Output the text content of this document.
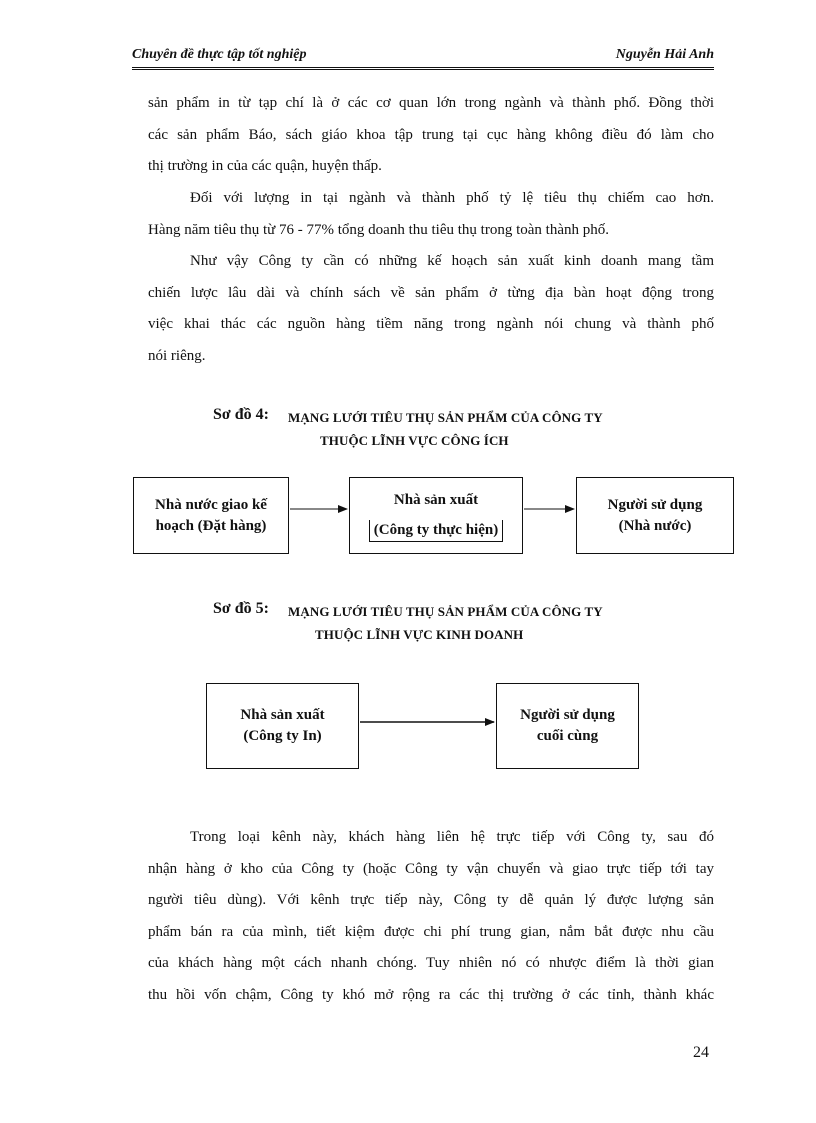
Chuyên đề thực tập tốt nghiệp	Nguyễn Hải Anh
sản phẩm in từ tạp chí là ở các cơ quan lớn trong ngành và thành phố. Đồng thời
các sản phẩm Báo, sách giáo khoa tập trung tại cục hàng không điều đó làm cho
thị trường in của các quận, huyện thấp.
Đối với lượng in tại ngành và thành phố tỷ lệ tiêu thụ chiếm cao hơn.
Hàng năm tiêu thụ từ 76 - 77% tổng doanh thu tiêu thụ trong toàn thành phố.
Như vậy Công ty cần có những kế hoạch sản xuất kinh doanh mang tầm
chiến lược lâu dài và chính sách về sản phẩm ở từng địa bàn hoạt động trong
việc khai thác các nguồn hàng tiềm năng trong ngành nói chung và thành phố
nói riêng.
Sơ đồ 4: MẠNG LƯỚI TIÊU THỤ SẢN PHẨM CỦA CÔNG TY
THUỘC LĨNH VỰC CÔNG ÍCH
Nhà nước giao kế
hoạch (Đặt hàng)
Nhà sản xuất
(Công ty thực hiện)
Người sử dụng
(Nhà nước)
Sơ đồ 5: MẠNG LƯỚI TIÊU THỤ SẢN PHẨM CỦA CÔNG TY
THUỘC LĨNH VỰC KINH DOANH
Nhà sản xuất
(Công ty In)
Người sử dụng
cuối cùng
Trong loại kênh này, khách hàng liên hệ trực tiếp với Công ty, sau đó
nhận hàng ở kho của Công ty (hoặc Công ty vận chuyển và giao trực tiếp tới tay
người tiêu dùng). Với kênh trực tiếp này, Công ty dễ quản lý được lượng sản
phẩm bán ra của mình, tiết kiệm được chi phí trung gian, nắm bắt được nhu cầu
của khách hàng một cách nhanh chóng. Tuy nhiên nó có nhược điểm là thời gian
thu hồi vốn chậm, Công ty khó mở rộng ra các thị trường ở các tỉnh, thành khác
24
